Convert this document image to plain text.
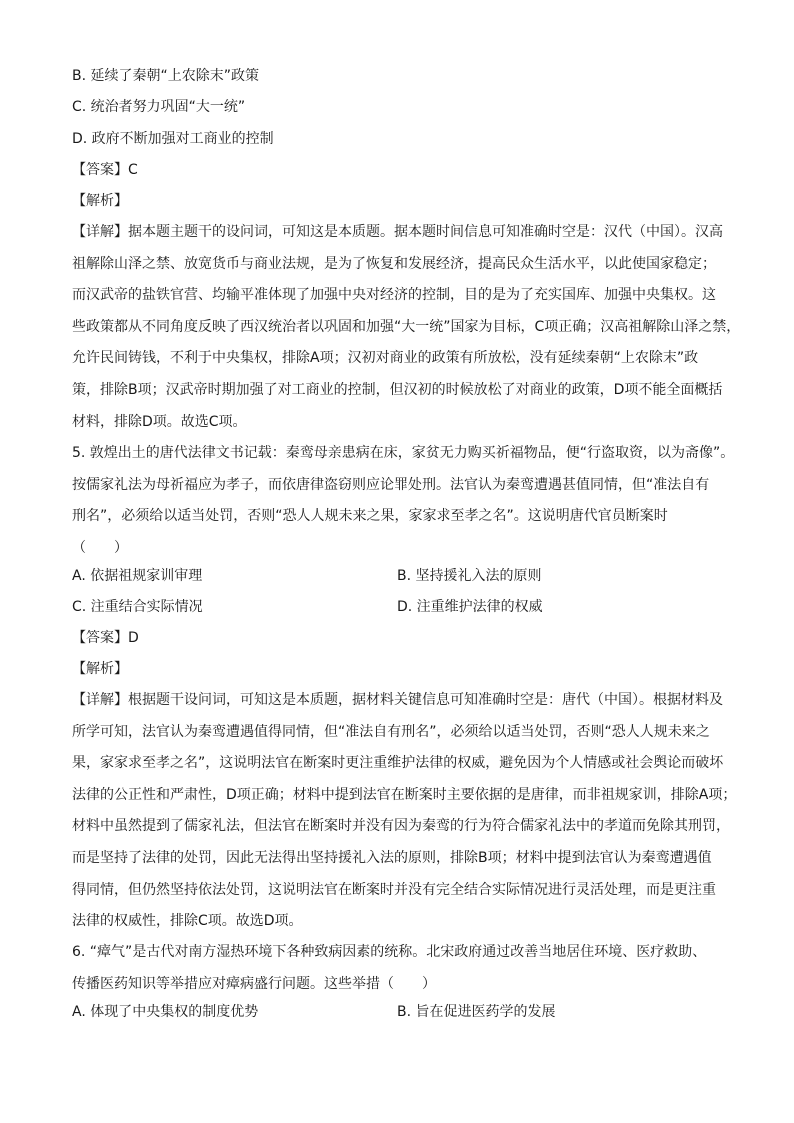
B. 延续了秦朝“上农除末”政策
C. 统治者努力巩固“大一统”
D. 政府不断加强对工商业的控制
【答案】C
【解析】
【详解】据本题主题干的设问词，可知这是本质题。据本题时间信息可知准确时空是：汉代（中国）。汉高
祖解除山泽之禁、放宽货币与商业法规，是为了恢复和发展经济，提高民众生活水平，以此使国家稳定；
而汉武帝的盐铁官营、均输平准体现了加强中央对经济的控制，目的是为了充实国库、加强中央集权。这
些政策都从不同角度反映了西汉统治者以巩固和加强“大一统”国家为目标，C项正确；汉高祖解除山泽之禁，
允许民间铸钱，不利于中央集权，排除A项；汉初对商业的政策有所放松，没有延续秦朝“上农除末”政
策，排除B项；汉武帝时期加强了对工商业的控制，但汉初的时候放松了对商业的政策，D项不能全面概括
材料，排除D项。故选C项。
5. 敦煌出土的唐代法律文书记载：秦鸾母亲患病在床，家贫无力购买祈福物品，便“行盗取资，以为斋像”。
按儒家礼法为母祈福应为孝子，而依唐律盗窃则应论罪处刑。法官认为秦鸾遭遇甚值同情，但“准法自有
刑名”，必须给以适当处罚，否则“恐人人规未来之果，家家求至孝之名”。这说明唐代官员断案时
（　　）
A. 依据祖规家训审理	B. 坚持援礼入法的原则
C. 注重结合实际情况	D. 注重维护法律的权威
【答案】D
【解析】
【详解】根据题干设问词，可知这是本质题，据材料关键信息可知准确时空是：唐代（中国）。根据材料及
所学可知，法官认为秦鸾遭遇值得同情，但“准法自有刑名”，必须给以适当处罚，否则“恐人人规未来之
果，家家求至孝之名”，这说明法官在断案时更注重维护法律的权威，避免因为个人情感或社会舆论而破坏
法律的公正性和严肃性，D项正确；材料中提到法官在断案时主要依据的是唐律，而非祖规家训，排除A项；
材料中虽然提到了儒家礼法，但法官在断案时并没有因为秦鸾的行为符合儒家礼法中的孝道而免除其刑罚，
而是坚持了法律的处罚，因此无法得出坚持援礼入法的原则，排除B项；材料中提到法官认为秦鸾遭遇值
得同情，但仍然坚持依法处罚，这说明法官在断案时并没有完全结合实际情况进行灵活处理，而是更注重
法律的权威性，排除C项。故选D项。
6. “瘴气”是古代对南方湿热环境下各种致病因素的统称。北宋政府通过改善当地居住环境、医疗救助、
传播医药知识等举措应对瘴病盛行问题。这些举措（　　）
A. 体现了中央集权的制度优势	B. 旨在促进医药学的发展
